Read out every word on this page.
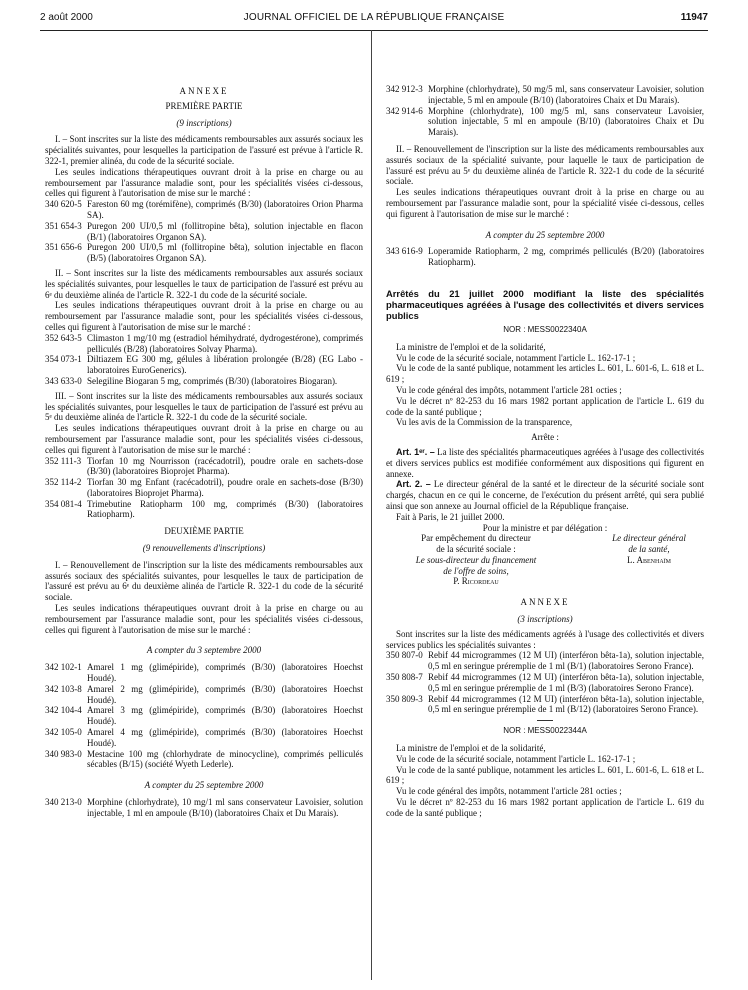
2 août 2000	JOURNAL OFFICIEL DE LA RÉPUBLIQUE FRANÇAISE	11947

ANNEXE

PREMIÈRE PARTIE

(9 inscriptions)

I. – Sont inscrites sur la liste des médicaments remboursables aux assurés sociaux les spécialités suivantes, pour lesquelles la participation de l'assuré est prévue à l'article R. 322-1, premier alinéa, du code de la sécurité sociale.

Les seules indications thérapeutiques ouvrant droit à la prise en charge ou au remboursement par l'assurance maladie sont, pour les spécialités visées ci-dessous, celles qui figurent à l'autorisation de mise sur le marché :

340 620-5 Fareston 60 mg (torémifène), comprimés (B/30) (laboratoires Orion Pharma SA).
351 654-3 Puregon 200 UI/0,5 ml (follitropine bêta), solution injectable en flacon (B/1) (laboratoires Organon SA).
351 656-6 Puregon 200 UI/0,5 ml (follitropine bêta), solution injectable en flacon (B/5) (laboratoires Organon SA).

II. – Sont inscrites sur la liste des médicaments remboursables aux assurés sociaux les spécialités suivantes, pour lesquelles le taux de participation de l'assuré est prévu au 6ᵉ du deuxième alinéa de l'article R. 322-1 du code de la sécurité sociale.

Les seules indications thérapeutiques ouvrant droit à la prise en charge ou au remboursement par l'assurance maladie sont, pour les spécialités visées ci-dessous, celles qui figurent à l'autorisation de mise sur le marché :

352 643-5 Climaston 1 mg/10 mg (estradiol hémihydraté, dydrogestérone), comprimés pelliculés (B/28) (laboratoires Solvay Pharma).
354 073-1 Diltiazem EG 300 mg, gélules à libération prolongée (B/28) (EG Labo - laboratoires EuroGenerics).
343 633-0 Selegiline Biogaran 5 mg, comprimés (B/30) (laboratoires Biogaran).

III. – Sont inscrites sur la liste des médicaments remboursables aux assurés sociaux les spécialités suivantes, pour lesquelles le taux de participation de l'assuré est prévu au 5ᵉ du deuxième alinéa de l'article R. 322-1 du code de la sécurité sociale.

Les seules indications thérapeutiques ouvrant droit à la prise en charge ou au remboursement par l'assurance maladie sont, pour les spécialités visées ci-dessous, celles qui figurent à l'autorisation de mise sur le marché :

352 111-3 Tiorfan 10 mg Nourrisson (racécadotril), poudre orale en sachets-dose (B/30) (laboratoires Bioprojet Pharma).
352 114-2 Tiorfan 30 mg Enfant (racécadotril), poudre orale en sachets-dose (B/30) (laboratoires Bioprojet Pharma).
354 081-4 Trimebutine Ratiopharm 100 mg, comprimés (B/30) (laboratoires Ratiopharm).

DEUXIÈME PARTIE

(9 renouvellements d'inscriptions)

I. – Renouvellement de l'inscription sur la liste des médicaments remboursables aux assurés sociaux des spécialités suivantes, pour lesquelles le taux de participation de l'assuré est prévu au 6ᵉ du deuxième alinéa de l'article R. 322-1 du code de la sécurité sociale.

Les seules indications thérapeutiques ouvrant droit à la prise en charge ou au remboursement par l'assurance maladie sont, pour les spécialités visées ci-dessous, celles qui figurent à l'autorisation de mise sur le marché :

A compter du 3 septembre 2000

342 102-1 Amarel 1 mg (glimépiride), comprimés (B/30) (laboratoires Hoechst Houdé).
342 103-8 Amarel 2 mg (glimépiride), comprimés (B/30) (laboratoires Hoechst Houdé).
342 104-4 Amarel 3 mg (glimépiride), comprimés (B/30) (laboratoires Hoechst Houdé).
342 105-0 Amarel 4 mg (glimépiride), comprimés (B/30) (laboratoires Hoechst Houdé).
340 983-0 Mestacine 100 mg (chlorhydrate de minocycline), comprimés pelliculés sécables (B/15) (société Wyeth Lederle).

A compter du 25 septembre 2000

340 213-0 Morphine (chlorhydrate), 10 mg/1 ml sans conservateur Lavoisier, solution injectable, 1 ml en ampoule (B/10) (laboratoires Chaix et Du Marais).
342 912-3 Morphine (chlorhydrate), 50 mg/5 ml, sans conservateur Lavoisier, solution injectable, 5 ml en ampoule (B/10) (laboratoires Chaix et Du Marais).
342 914-6 Morphine (chlorhydrate), 100 mg/5 ml, sans conservateur Lavoisier, solution injectable, 5 ml en ampoule (B/10) (laboratoires Chaix et Du Marais).

II. – Renouvellement de l'inscription sur la liste des médicaments remboursables aux assurés sociaux de la spécialité suivante, pour laquelle le taux de participation de l'assuré est prévu au 5ᵉ du deuxième alinéa de l'article R. 322-1 du code de la sécurité sociale.

Les seules indications thérapeutiques ouvrant droit à la prise en charge ou au remboursement par l'assurance maladie sont, pour la spécialité visée ci-dessous, celles qui figurent à l'autorisation de mise sur le marché :

A compter du 25 septembre 2000

343 616-9 Loperamide Ratiopharm, 2 mg, comprimés pelliculés (B/20) (laboratoires Ratiopharm).

Arrêtés du 21 juillet 2000 modifiant la liste des spécialités pharmaceutiques agréées à l'usage des collectivités et divers services publics

NOR : MESS0022340A

La ministre de l'emploi et de la solidarité,

Vu le code de la sécurité sociale, notamment l'article L. 162-17-1 ;

Vu le code de la santé publique, notamment les articles L. 601, L. 601-6, L. 618 et L. 619 ;

Vu le code général des impôts, notamment l'article 281 octies ;

Vu le décret nº 82-253 du 16 mars 1982 portant application de l'article L. 619 du code de la santé publique ;

Vu les avis de la Commission de la transparence,

Arrête :

Art. 1ᵉʳ. – La liste des spécialités pharmaceutiques agréées à l'usage des collectivités et divers services publics est modifiée conformément aux dispositions qui figurent en annexe.

Art. 2. – Le directeur général de la santé et le directeur de la sécurité sociale sont chargés, chacun en ce qui le concerne, de l'exécution du présent arrêté, qui sera publié ainsi que son annexe au Journal officiel de la République française.

Fait à Paris, le 21 juillet 2000.

Pour la ministre et par délégation :

Par empêchement du directeur
de la sécurité sociale :
Le sous-directeur du financement
de l'offre de soins,
P. Ricordeau
Le directeur général
de la santé,
L. Abenhaïm

ANNEXE

(3 inscriptions)

Sont inscrites sur la liste des médicaments agréés à l'usage des collectivités et divers services publics les spécialités suivantes :

350 807-0 Rebif 44 microgrammes (12 M UI) (interféron bêta-1a), solution injectable, 0,5 ml en seringue préremplie de 1 ml (B/1) (laboratoires Serono France).
350 808-7 Rebif 44 microgrammes (12 M UI) (interféron bêta-1a), solution injectable, 0,5 ml en seringue préremplie de 1 ml (B/3) (laboratoires Serono France).
350 809-3 Rebif 44 microgrammes (12 M UI) (interféron bêta-1a), solution injectable, 0,5 ml en seringue préremplie de 1 ml (B/12) (laboratoires Serono France).

NOR : MESS0022344A

La ministre de l'emploi et de la solidarité,

Vu le code de la sécurité sociale, notamment l'article L. 162-17-1 ;

Vu le code de la santé publique, notamment les articles L. 601, L. 601-6, L. 618 et L. 619 ;

Vu le code général des impôts, notamment l'article 281 octies ;

Vu le décret nº 82-253 du 16 mars 1982 portant application de l'article L. 619 du code de la santé publique ;
